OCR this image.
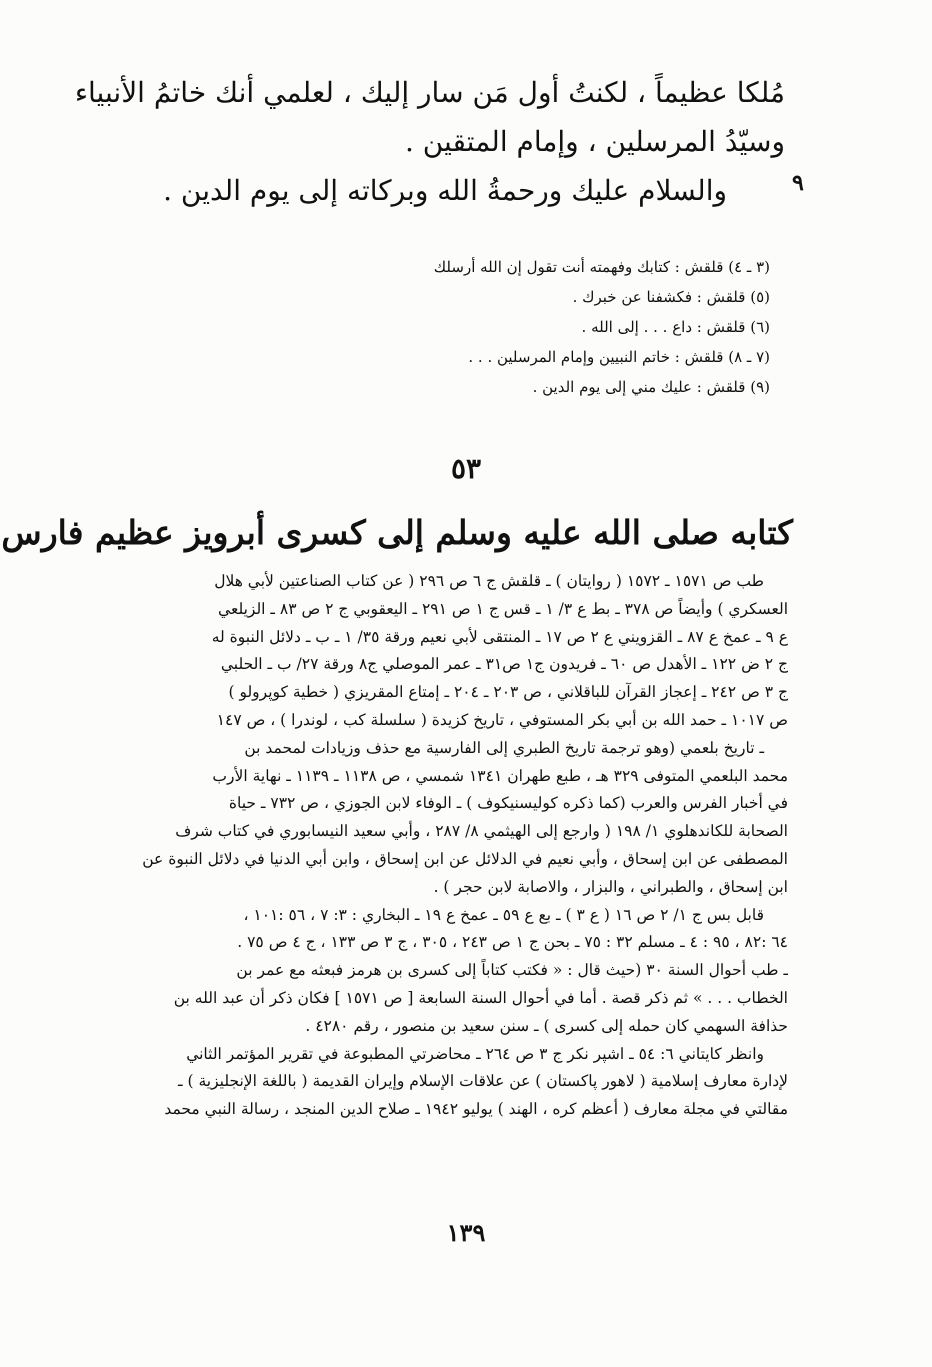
مُلكا عظيماً ، لكنتُ أول مَن سار إليك ، لعلمي أنك خاتمُ الأنبياء
وسيّدُ المرسلين ، وإمام المتقين .
والسلام عليك ورحمةُ الله وبركاته إلى يوم الدين .	٩
(٣ ـ ٤) قلقش : كتابك وفهمته أنت تقول إن الله أرسلك
(٥) قلقش : فكشفنا عن خبرك .
(٦) قلقش : داع . . . إلى الله .
(٧ ـ ٨) قلقش : خاتم النبيين وإمام المرسلين . . .
(٩) قلقش : عليك مني إلى يوم الدين .
٥٣
كتابه صلى الله عليه وسلم إلى كسرى أبرويز عظيم فارس
طب ص ١٥٧١ ـ ١٥٧٢ ( روايتان ) ـ قلقش ج ٦ ص ٢٩٦ ( عن كتاب الصناعتين لأبي هلال
العسكري ) وأيضاً ص ٣٧٨ ـ بط ع ٣/ ١ ـ قس ج ١ ص ٢٩١ ـ اليعقوبي ج ٢ ص ٨٣ ـ الزيلعي
ع ٩ ـ عمخ ع ٨٧ ـ القزويني ع ٢ ص ١٧ ـ المنتقى لأبي نعيم ورقة ٣٥/ ١ ـ ب ـ دلائل النبوة له
ج ٢ ض ١٢٢ ـ الأهدل ص ٦٠ ـ فريدون ج١ ص٣١ ـ عمر الموصلي ج٨ ورقة ٢٧/ ب ـ الحلبي
ج ٣ ص ٢٤٢ ـ إعجاز القرآن للباقلاني ، ص ٢٠٣ ـ ٢٠٤ ـ إمتاع المقريزي ( خطية كوپرولو )
ص ١٠١٧ ـ حمد الله بن أبي بكر المستوفي ، تاريخ كزيدة ( سلسلة كب ، لوندرا ) ، ص ١٤٧
ـ تاريخ بلعمي (وهو ترجمة تاريخ الطبري إلى الفارسية مع حذف وزيادات لمحمد بن
محمد البلعمي المتوفى ٣٢٩ هـ ، طبع طهران ١٣٤١ شمسي ، ص ١١٣٨ ـ ١١٣٩ ـ نهاية الأرب
في أخبار الفرس والعرب (كما ذكره كوليسنيكوف ) ـ الوفاء لابن الجوزي ، ص ٧٣٢ ـ حياة
الصحابة للكاندهلوي ١/ ١٩٨ ( وارجع إلى الهيثمي ٨/ ٢٨٧ ، وأبي سعيد النيسابوري في كتاب شرف
المصطفى عن ابن إسحاق ، وأبي نعيم في الدلائل عن ابن إسحاق ، وابن أبي الدنيا في دلائل النبوة عن
ابن إسحاق ، والطبراني ، والبزار ، والاصابة لابن حجر ) .
قابل بس ج ١/ ٢ ص ١٦ ( ع ٣ ) ـ بع ع ٥٩ ـ عمخ ع ١٩ ـ البخاري : ٣: ٧ ، ٥٦ :١٠١ ،
٦٤ :٨٢ ، ٩٥ : ٤ ـ مسلم ٣٢ : ٧٥ ـ بحن ج ١ ص ٢٤٣ ، ٣٠٥ ، ج ٣ ص ١٣٣ ، ج ٤ ص ٧٥ .
ـ طب أحوال السنة ٣٠ (حيث قال : « فكتب كتاباً إلى كسرى بن هرمز فبعثه مع عمر بن
الخطاب . . . » ثم ذكر قصة . أما في أحوال السنة السابعة [ ص ١٥٧١ ] فكان ذكر أن عبد الله بن
حذافة السهمي كان حمله إلى كسرى ) ـ سنن سعيد بن منصور ، رقم ٤٢٨٠ .
وانظر كايتاني ٦: ٥٤ ـ اشپر نكر ج ٣ ص ٢٦٤ ـ محاضرتي المطبوعة في تقرير المؤتمر الثاني
لإدارة معارف إسلامية ( لاهور پاكستان ) عن علاقات الإسلام وإيران القديمة ( باللغة الإنجليزية ) ـ
مقالتي في مجلة معارف ( أعظم كره ، الهند ) يوليو ١٩٤٢ ـ صلاح الدين المنجد ، رسالة النبي محمد
١٣٩
